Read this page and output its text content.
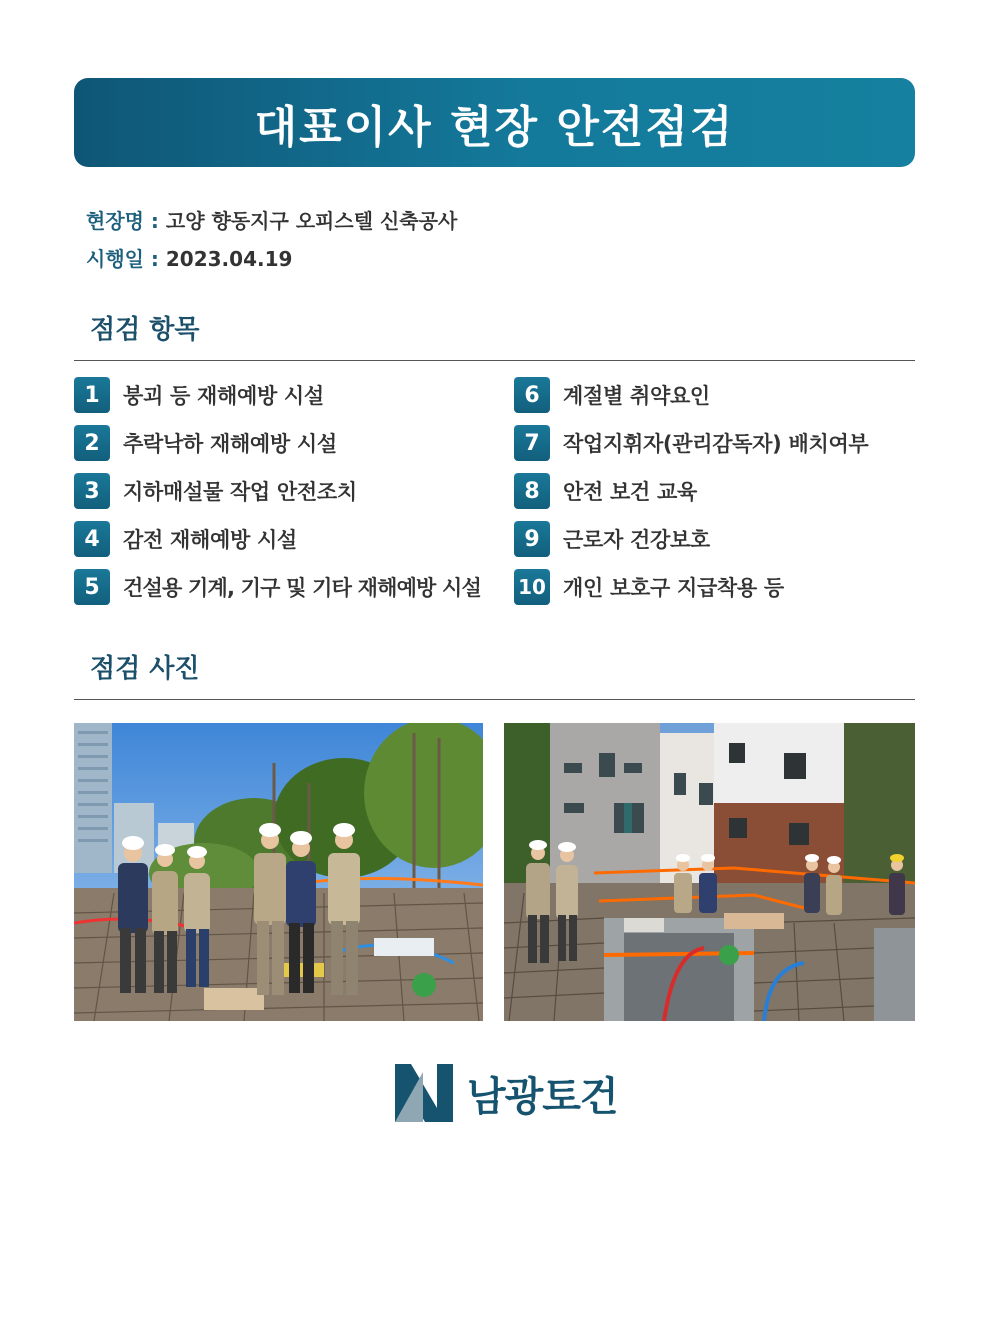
대표이사 현장 안전점검
현장명 : 고양 향동지구 오피스텔 신축공사
시행일 : 2023.04.19
점검 항목
1	붕괴 등 재해예방 시설
2	추락낙하 재해예방 시설
3	지하매설물 작업 안전조치
4	감전 재해예방 시설
5	건설용 기계, 기구 및 기타 재해예방 시설
6	계절별 취약요인
7	작업지휘자(관리감독자) 배치여부
8	안전 보건 교육
9	근로자 건강보호
10 개인 보호구 지급착용 등
점검 사진
남광토건
